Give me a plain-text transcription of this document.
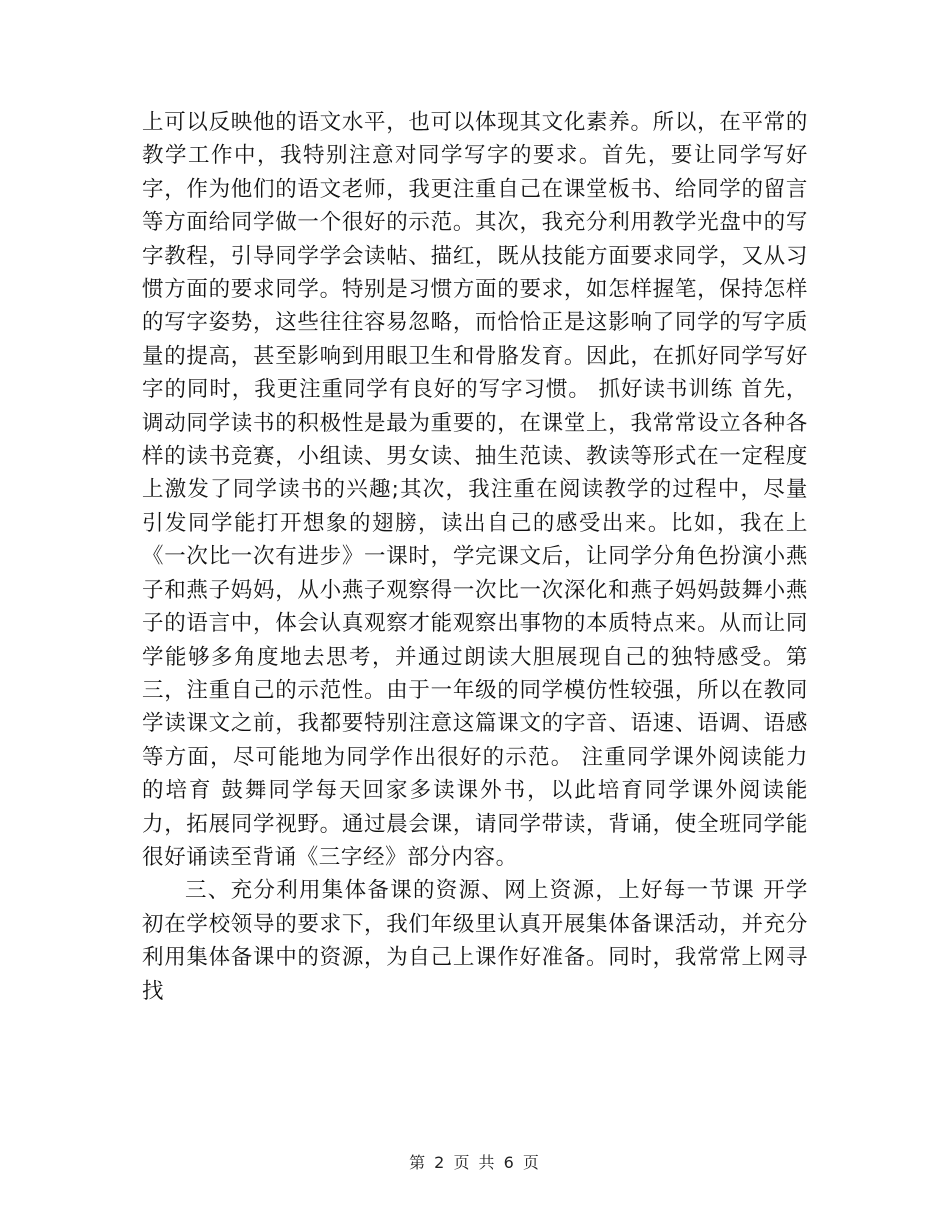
上可以反映他的语文水平，也可以体现其文化素养。所以，在平常的教学工作中，我特别注意对同学写字的要求。首先，要让同学写好字，作为他们的语文老师，我更注重自己在课堂板书、给同学的留言等方面给同学做一个很好的示范。其次，我充分利用教学光盘中的写字教程，引导同学学会读帖、描红，既从技能方面要求同学，又从习惯方面的要求同学。特别是习惯方面的要求，如怎样握笔，保持怎样的写字姿势，这些往往容易忽略，而恰恰正是这影响了同学的写字质量的提高，甚至影响到用眼卫生和骨胳发育。因此，在抓好同学写好字的同时，我更注重同学有良好的写字习惯。 抓好读书训练 首先，调动同学读书的积极性是最为重要的，在课堂上，我常常设立各种各样的读书竞赛，小组读、男女读、抽生范读、教读等形式在一定程度上激发了同学读书的兴趣;其次，我注重在阅读教学的过程中，尽量引发同学能打开想象的翅膀，读出自己的感受出来。比如，我在上《一次比一次有进步》一课时，学完课文后，让同学分角色扮演小燕子和燕子妈妈，从小燕子观察得一次比一次深化和燕子妈妈鼓舞小燕子的语言中，体会认真观察才能观察出事物的本质特点来。从而让同学能够多角度地去思考，并通过朗读大胆展现自己的独特感受。第三，注重自己的示范性。由于一年级的同学模仿性较强，所以在教同学读课文之前，我都要特别注意这篇课文的字音、语速、语调、语感等方面，尽可能地为同学作出很好的示范。 注重同学课外阅读能力的培育 鼓舞同学每天回家多读课外书，以此培育同学课外阅读能力，拓展同学视野。通过晨会课，请同学带读，背诵，使全班同学能很好诵读至背诵《三字经》部分内容。

三、充分利用集体备课的资源、网上资源，上好每一节课 开学初在学校领导的要求下，我们年级里认真开展集体备课活动，并充分利用集体备课中的资源，为自己上课作好准备。同时，我常常上网寻找

第 2 页 共 6 页
